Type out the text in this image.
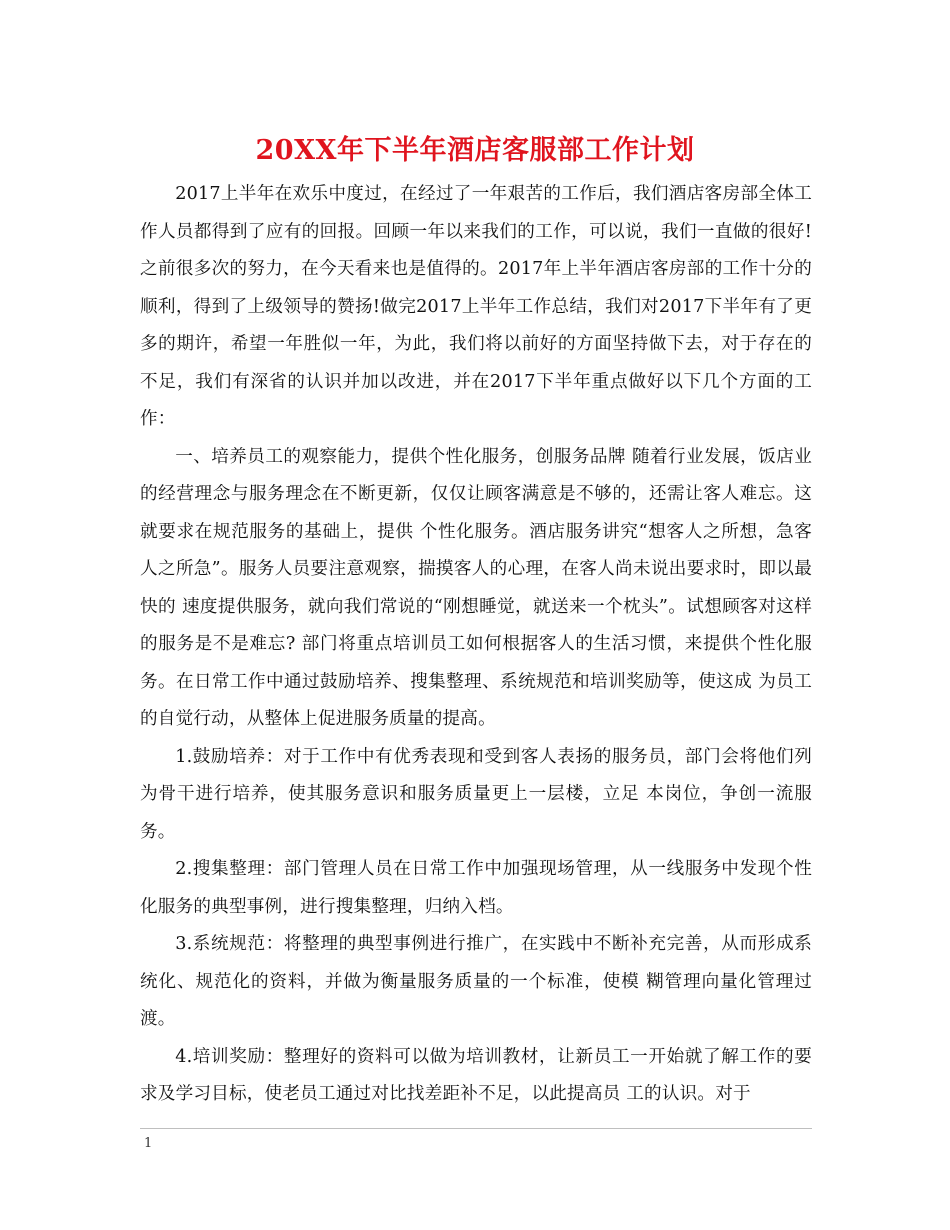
20XX年下半年酒店客服部工作计划

2017上半年在欢乐中度过，在经过了一年艰苦的工作后，我们酒店客房部全体工作人员都得到了应有的回报。回顾一年以来我们的工作，可以说，我们一直做的很好!之前很多次的努力，在今天看来也是值得的。2017年上半年酒店客房部的工作十分的顺利，得到了上级领导的赞扬!做完2017上半年工作总结，我们对2017下半年有了更多的期许，希望一年胜似一年，为此，我们将以前好的方面坚持做下去，对于存在的不足，我们有深省的认识并加以改进，并在2017下半年重点做好以下几个方面的工作：

一、培养员工的观察能力，提供个性化服务，创服务品牌 随着行业发展，饭店业的经营理念与服务理念在不断更新，仅仅让顾客满意是不够的，还需让客人难忘。这就要求在规范服务的基础上，提供 个性化服务。酒店服务讲究“想客人之所想，急客人之所急”。服务人员要注意观察，揣摸客人的心理，在客人尚未说出要求时，即以最快的 速度提供服务，就向我们常说的“刚想睡觉，就送来一个枕头”。试想顾客对这样的服务是不是难忘? 部门将重点培训员工如何根据客人的生活习惯，来提供个性化服务。在日常工作中通过鼓励培养、搜集整理、系统规范和培训奖励等，使这成 为员工的自觉行动，从整体上促进服务质量的提高。

1.鼓励培养：对于工作中有优秀表现和受到客人表扬的服务员，部门会将他们列为骨干进行培养，使其服务意识和服务质量更上一层楼，立足 本岗位，争创一流服务。

2.搜集整理：部门管理人员在日常工作中加强现场管理，从一线服务中发现个性化服务的典型事例，进行搜集整理，归纳入档。

3.系统规范：将整理的典型事例进行推广，在实践中不断补充完善，从而形成系统化、规范化的资料，并做为衡量服务质量的一个标准，使模 糊管理向量化管理过渡。

4.培训奖励：整理好的资料可以做为培训教材，让新员工一开始就了解工作的要求及学习目标，使老员工通过对比找差距补不足，以此提高员 工的认识。对于

1
